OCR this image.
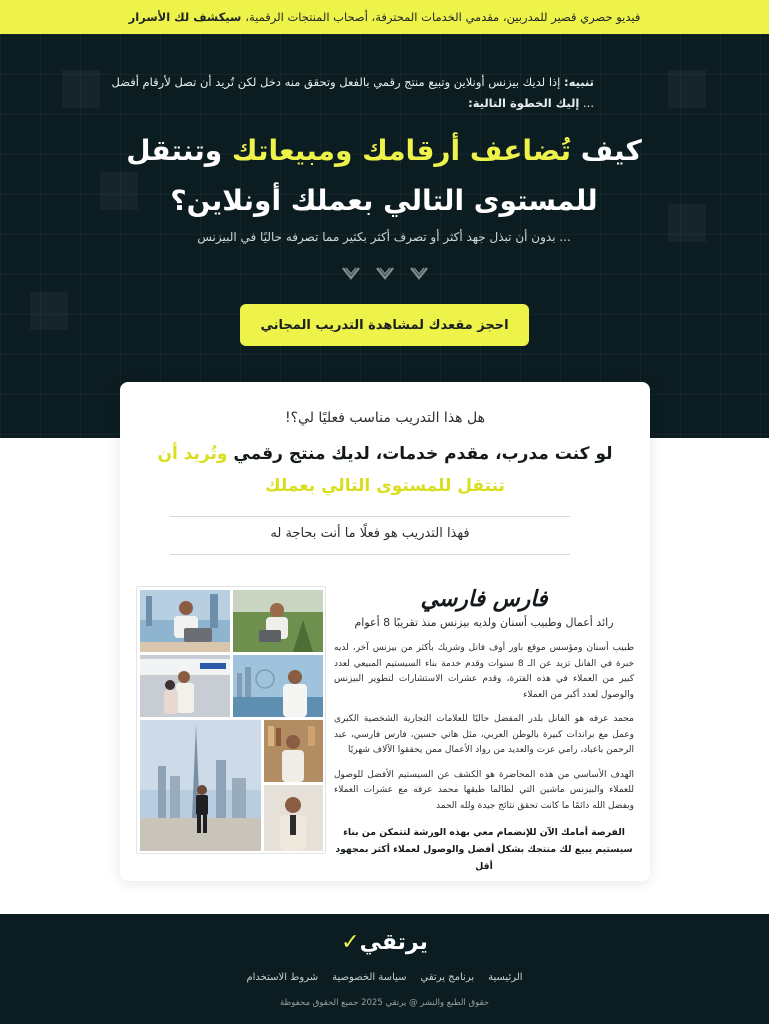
فيديو حصري قصير للمدربين، مقدمي الخدمات المحترفة، أصحاب المنتجات الرقمية،
سيكشف لك الأسرار

تنبيه: إذا لديك بيزنس أونلاين وتبيع منتج رقمي بالفعل وتحقق منه دخل لكن تُريد أن تصل لأرقام أفضل ... إليك الخطوة التالية:

كيف تُضاعف أرقامك ومبيعاتك وتنتقل للمستوى التالي بعملك أونلاين؟

... بدون أن تبذل جهد أكثر أو تصرف أكثر بكثير مما تصرفه حاليًا في البيزنس

احجز مقعدك لمشاهدة التدريب المجاني

هل هذا التدريب مناسب فعليًا لي؟!

لو كنت مدرب، مقدم خدمات، لديك منتج رقمي وتُريد أن تنتقل للمستوى التالي بعملك

فهذا التدريب هو فعلًا ما أنت بحاجة له

فارس فارسي

رائد أعمال وطبيب أسنان ولديه بيزنس منذ تقريبًا 8 أعوام

طبيب أسنان ومؤسس موقع باور أوف فانل وشريك بأكثر من بيزنس آخر، لديه خبرة في الفانل تزيد عن الـ 8 سنوات وقدم خدمة بناء السيستيم المبيعي لعدد كبير من العملاء في هذه الفترة، وقدم عشرات الاستشارات لتطوير البيزنس والوصول لعدد أكبر من العملاء

محمد عرفه هو الفانل بلدر المفضل حاليًا للعلامات التجارية الشخصية الكبرى وعمل مع براندات كبيرة بالوطن العربي، مثل هاني حسين، فارس فارسي، عبد الرحمن باعباد، رامي عزت والعديد من رواد الأعمال ممن يحققوا الآلاف شهريًا

الهدف الأساسي من هذه المحاضرة هو الكشف عن السيستيم الأفضل للوصول للعملاء والبيزنس ماشين التي لطالما طبقها محمد عرفه مع عشرات العملاء وبفضل الله دائمًا ما كانت تحقق نتائج جيدة ولله الحمد

الفرصة أمامك الآن للإنضمام معي بهذه الورشة لتتمكن من بناء سيستيم يبيع لك منتجك بشكل أفضل والوصول لعملاء أكثر بمجهود أقل

يرتقي✓
الرئيسية
برنامج يرتقي
سياسة الخصوصية
شروط الاستخدام

حقوق الطبع والنشر @ يرتقي 2025 جميع الحقوق محفوظة
